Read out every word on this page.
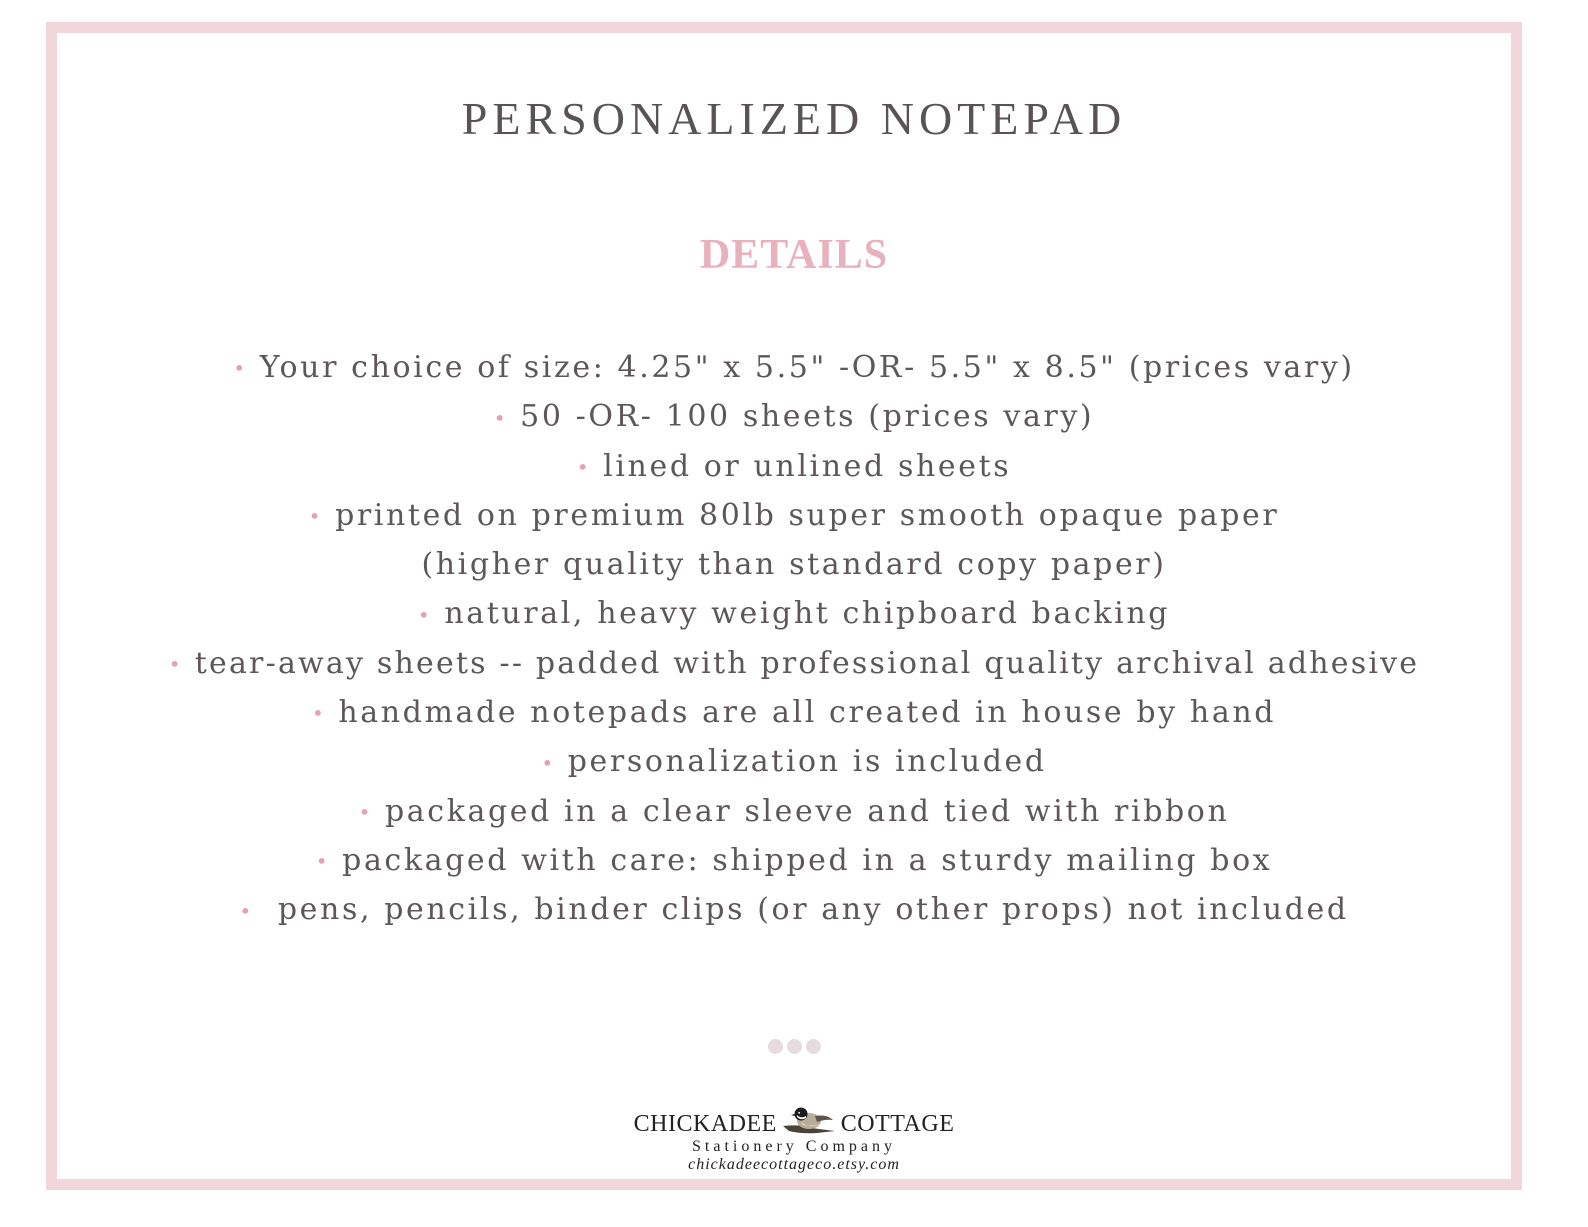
PERSONALIZED NOTEPAD
DETAILS
• Your choice of size: 4.25" x 5.5" -OR- 5.5" x 8.5" (prices vary)
• 50 -OR- 100 sheets (prices vary)
• lined or unlined sheets
• printed on premium 80lb super smooth opaque paper
(higher quality than standard copy paper)
• natural, heavy weight chipboard backing
• tear-away sheets -- padded with professional quality archival adhesive
• handmade notepads are all created in house by hand
• personalization is included
• packaged in a clear sleeve and tied with ribbon
• packaged with care: shipped in a sturdy mailing box
• pens, pencils, binder clips (or any other props) not included
CHICKADEE	COTTAGE
Stationery Company
chickadeecottageco.etsy.com
